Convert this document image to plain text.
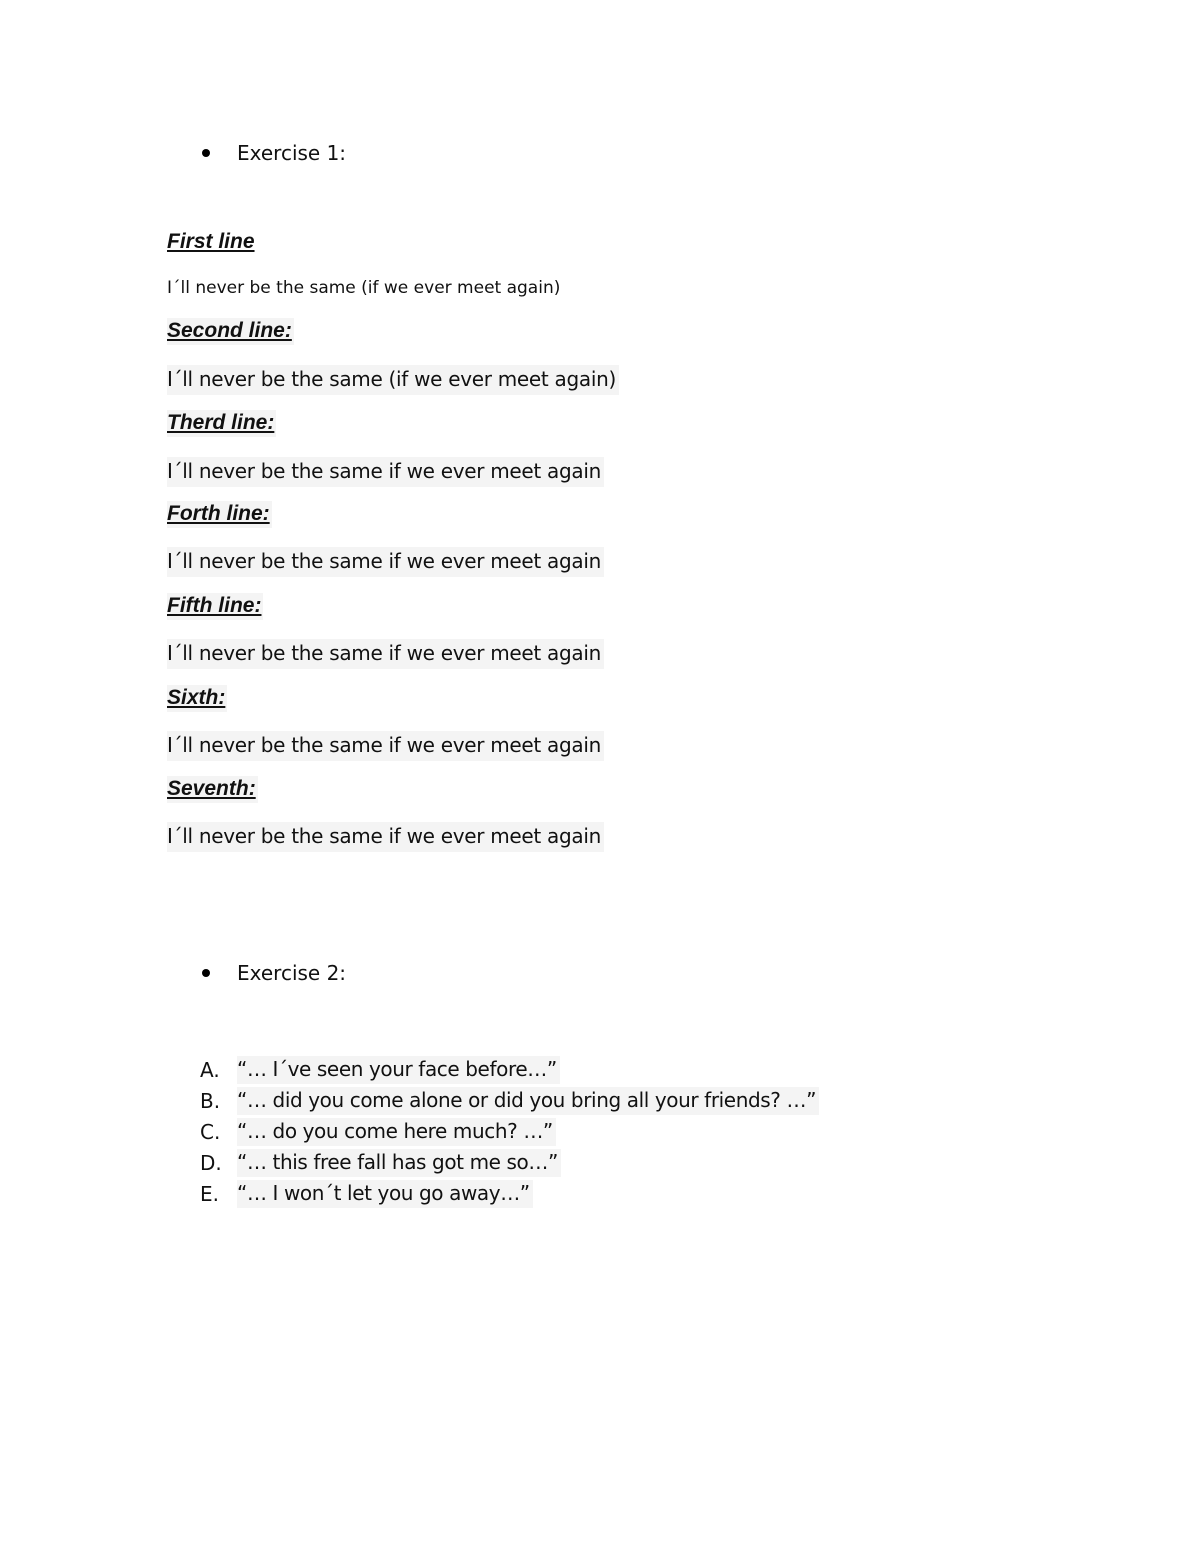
Exercise 1:
First line
I´ll never be the same (if we ever meet again)
Second line:
I´ll never be the same (if we ever meet again)
Therd line:
I´ll never be the same if we ever meet again
Forth line:
I´ll never be the same if we ever meet again
Fifth line:
I´ll never be the same if we ever meet again
Sixth:
I´ll never be the same if we ever meet again
Seventh:
I´ll never be the same if we ever meet again
Exercise 2:
A. “… I´ve seen your face before…”
B. “… did you come alone or did you bring all your friends? …”
C. “… do you come here much? …”
D. “… this free fall has got me so…”
E. “… I won´t let you go away…”
